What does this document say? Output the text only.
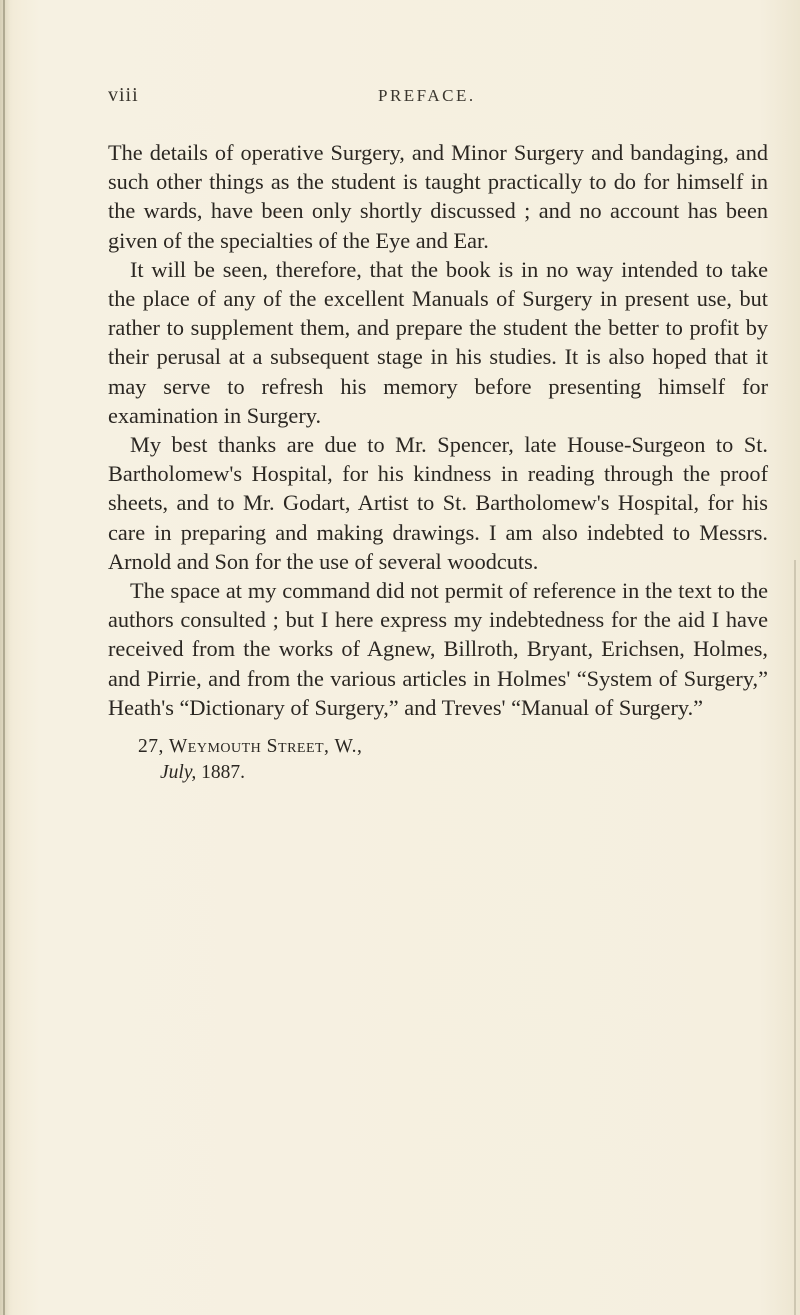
viii	PREFACE.

The details of operative Surgery, and Minor Surgery and bandaging, and such other things as the student is taught practically to do for himself in the wards, have been only shortly discussed ; and no account has been given of the specialties of the Eye and Ear.

It will be seen, therefore, that the book is in no way intended to take the place of any of the excellent Manuals of Surgery in present use, but rather to supplement them, and prepare the student the better to profit by their perusal at a subsequent stage in his studies. It is also hoped that it may serve to refresh his memory before presenting himself for examination in Surgery.

My best thanks are due to Mr. Spencer, late House-Surgeon to St. Bartholomew's Hospital, for his kindness in reading through the proof sheets, and to Mr. Godart, Artist to St. Bartholomew's Hospital, for his care in preparing and making drawings. I am also indebted to Messrs. Arnold and Son for the use of several woodcuts.

The space at my command did not permit of reference in the text to the authors consulted ; but I here express my indebtedness for the aid I have received from the works of Agnew, Billroth, Bryant, Erichsen, Holmes, and Pirrie, and from the various articles in Holmes' “System of Surgery,” Heath's “Dictionary of Surgery,” and Treves' “Manual of Surgery.”

27, Weymouth Street, W.,
July, 1887.
